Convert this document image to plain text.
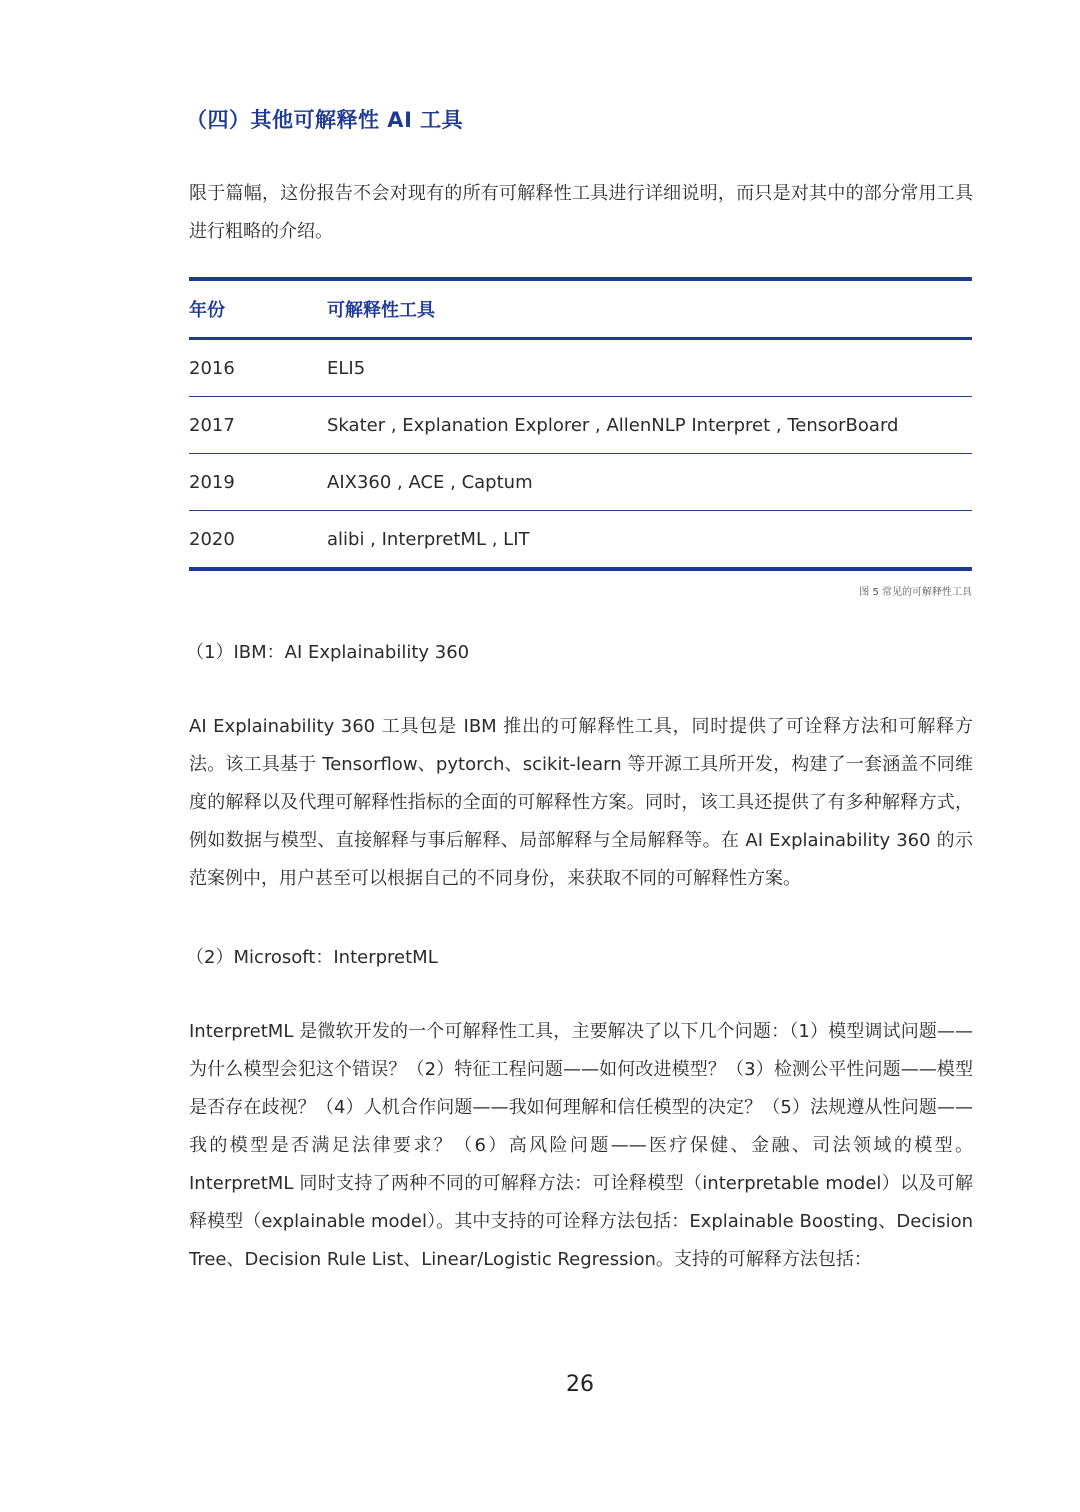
（四）其他可解释性 AI 工具

限于篇幅，这份报告不会对现有的所有可解释性工具进行详细说明，而只是对其中的部分常用工具进行粗略的介绍。

年份	可解释性工具
2016	ELI5
2017	Skater , Explanation Explorer , AllenNLP Interpret , TensorBoard
2019	AIX360 , ACE , Captum
2020	alibi , InterpretML , LIT
图 5 常见的可解释性工具
（1）IBM：AI Explainability 360

AI Explainability 360 工具包是 IBM 推出的可解释性工具，同时提供了可诠释方法和可解释方法。该工具基于 Tensorflow、pytorch、scikit-learn 等开源工具所开发，构建了一套涵盖不同维度的解释以及代理可解释性指标的全面的可解释性方案。同时，该工具还提供了有多种解释方式，例如数据与模型、直接解释与事后解释、局部解释与全局解释等。在 AI Explainability 360 的示范案例中，用户甚至可以根据自己的不同身份，来获取不同的可解释性方案。

（2）Microsoft：InterpretML

InterpretML 是微软开发的一个可解释性工具，主要解决了以下几个问题：（1）模型调试问题——为什么模型会犯这个错误？（2）特征工程问题——如何改进模型？（3）检测公平性问题——模型是否存在歧视？（4）人机合作问题——我如何理解和信任模型的决定？（5）法规遵从性问题——我的模型是否满足法律要求？（6）高风险问题——医疗保健、金融、司法领域的模型。InterpretML 同时支持了两种不同的可解释方法：可诠释模型（interpretable model）以及可解释模型（explainable model）。其中支持的可诠释方法包括：Explainable Boosting、Decision Tree、Decision Rule List、Linear/Logistic Regression。支持的可解释方法包括：

26
